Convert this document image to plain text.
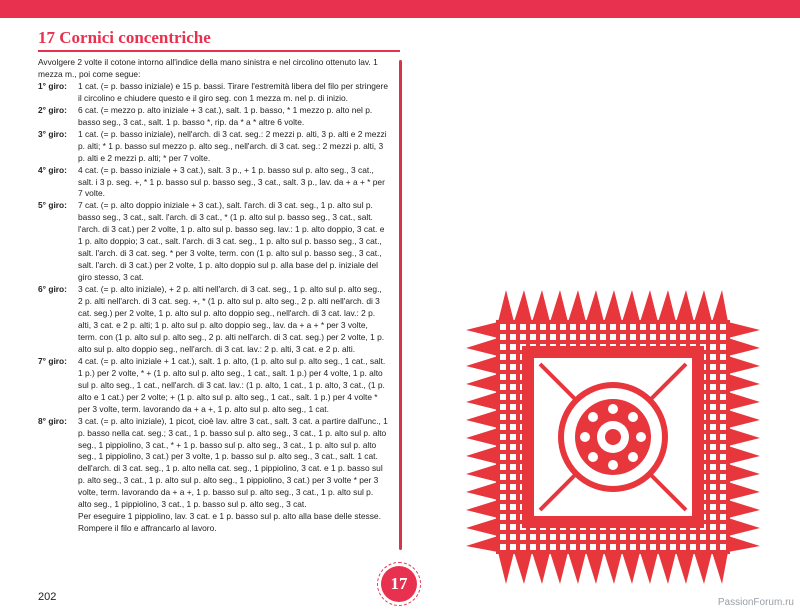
17 Cornici concentriche

Avvolgere 2 volte il cotone intorno all'indice della mano sinistra e nel circolino ottenuto lav. 1 mezza m., poi come segue:

1° giro:	1 cat. (= p. basso iniziale) e 15 p. bassi. Tirare l'estremità libera del filo per stringere il circolino e chiudere questo e il giro seg. con 1 mezza m. nel p. di inizio.
2° giro:	6 cat. (= mezzo p. alto iniziale + 3 cat.), salt. 1 p. basso, * 1 mezzo p. alto nel p. basso seg., 3 cat., salt. 1 p. basso *, rip. da * a * altre 6 volte.
3° giro:	1 cat. (= p. basso iniziale), nell'arch. di 3 cat. seg.: 2 mezzi p. alti, 3 p. alti e 2 mezzi p. alti; * 1 p. basso sul mezzo p. alto seg., nell'arch. di 3 cat. seg.: 2 mezzi p. alti, 3 p. alti e 2 mezzi p. alti; * per 7 volte.
4° giro:	4 cat. (= p. basso iniziale + 3 cat.), salt. 3 p., + 1 p. basso sul p. alto seg., 3 cat., salt. i 3 p. seg. +, * 1 p. basso sul p. basso seg., 3 cat., salt. 3 p., lav. da + a + * per 7 volte.
5° giro:	7 cat. (= p. alto doppio iniziale + 3 cat.), salt. l'arch. di 3 cat. seg., 1 p. alto sul p. basso seg., 3 cat., salt. l'arch. di 3 cat., * (1 p. alto sul p. basso seg., 3 cat., salt. l'arch. di 3 cat.) per 2 volte, 1 p. alto sul p. basso seg. lav.: 1 p. alto doppio, 3 cat. e 1 p. alto doppio; 3 cat., salt. l'arch. di 3 cat. seg., 1 p. alto sul p. basso seg., 3 cat., salt. l'arch. di 3 cat. seg. * per 3 volte, term. con (1 p. alto sul p. basso seg., 3 cat., salt. l'arch. di 3 cat.) per 2 volte, 1 p. alto doppio sul p. alla base del p. iniziale del giro stesso, 3 cat.
6° giro:	3 cat. (= p. alto iniziale), + 2 p. alti nell'arch. di 3 cat. seg., 1 p. alto sul p. alto seg., 2 p. alti nell'arch. di 3 cat. seg. +, * (1 p. alto sul p. alto seg., 2 p. alti nell'arch. di 3 cat. seg.) per 2 volte, 1 p. alto sul p. alto doppio seg., nell'arch. di 3 cat. lav.: 2 p. alti, 3 cat. e 2 p. alti; 1 p. alto sul p. alto doppio seg., lav. da + a + * per 3 volte, term. con (1 p. alto sul p. alto seg., 2 p. alti nell'arch. di 3 cat. seg.) per 2 volte, 1 p. alto sul p. alto doppio seg., nell'arch. di 3 cat. lav.: 2 p. alti, 3 cat. e 2 p. alti.
7° giro:	4 cat. (= p. alto iniziale + 1 cat.), salt. 1 p. alto, (1 p. alto sul p. alto seg., 1 cat., salt. 1 p.) per 2 volte, * + (1 p. alto sul p. alto seg., 1 cat., salt. 1 p.) per 4 volte, 1 p. alto sul p. alto seg., 1 cat., nell'arch. di 3 cat. lav.: (1 p. alto, 1 cat., 1 p. alto, 3 cat., (1 p. alto e 1 cat.) per 2 volte; + (1 p. alto sul p. alto seg., 1 cat., salt. 1 p.) per 4 volte * per 3 volte, term. lavorando da + a +, 1 p. alto sul p. alto seg., 1 cat.
8° giro:	3 cat. (= p. alto iniziale), 1 picot, cioè lav. altre 3 cat., salt. 3 cat. a partire dall'unc., 1 p. basso nella cat. seg.; 3 cat., 1 p. basso sul p. alto seg., 3 cat., 1 p. alto sul p. alto seg., 1 pippiolino, 3 cat., * + 1 p. basso sul p. alto seg., 3 cat., 1 p. alto sul p. alto seg., 1 pippiolino, 3 cat.) per 3 volte, 1 p. basso sul p. alto seg., 3 cat., salt. 1 cat. dell'arch. di 3 cat. seg., 1 p. alto nella cat. seg., 1 pippiolino, 3 cat. e 1 p. basso sul p. alto seg., 3 cat., 1 p. alto sul p. alto seg., 1 pippiolino, 3 cat.) per 3 volte * per 3 volte, term. lavorando da + a +, 1 p. basso sul p. alto seg., 3 cat., 1 p. alto sul p. alto seg., 1 pippiolino, 3 cat., 1 p. basso sul p. alto seg., 3 cat.
Per eseguire 1 pippiolino, lav. 3 cat. e 1 p. basso sul p. alto alla base delle stesse.
Rompere il filo e affrancarlo al lavoro.
202
17
PassionForum.ru
